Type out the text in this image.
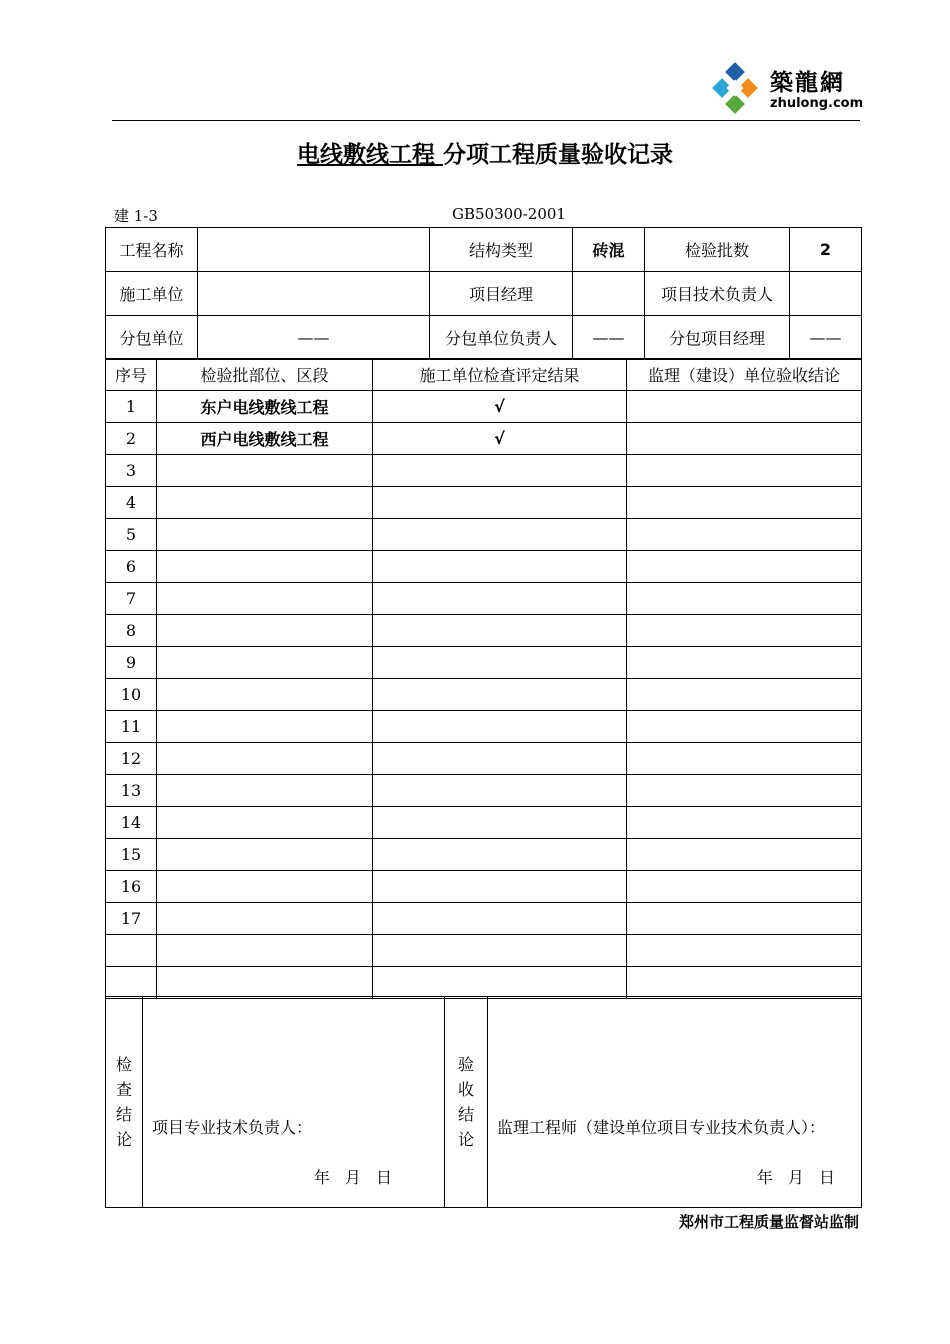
築龍網
zhulong.com
电线敷线工程 分项工程质量验收记录
建 1-3	GB50300-2001
工程名称		结构类型	砖混	检验批数	2
施工单位		项目经理		项目技术负责人	
分包单位	——	分包单位负责人	——	分包项目经理	——
序号	检验批部位、区段	施工单位检查评定结果	监理（建设）单位验收结论
1	东户电线敷线工程	√	
2	西户电线敷线工程	√	
3			
4			
5			
6			
7			
8			
9			
10			
11			
12			
13			
14			
15			
16			
17			

检查结论

项目专业技术负责人：
年 月 日

验收结论

监理工程师（建设单位项目专业技术负责人）：
年 月 日
郑州市工程质量监督站监制
